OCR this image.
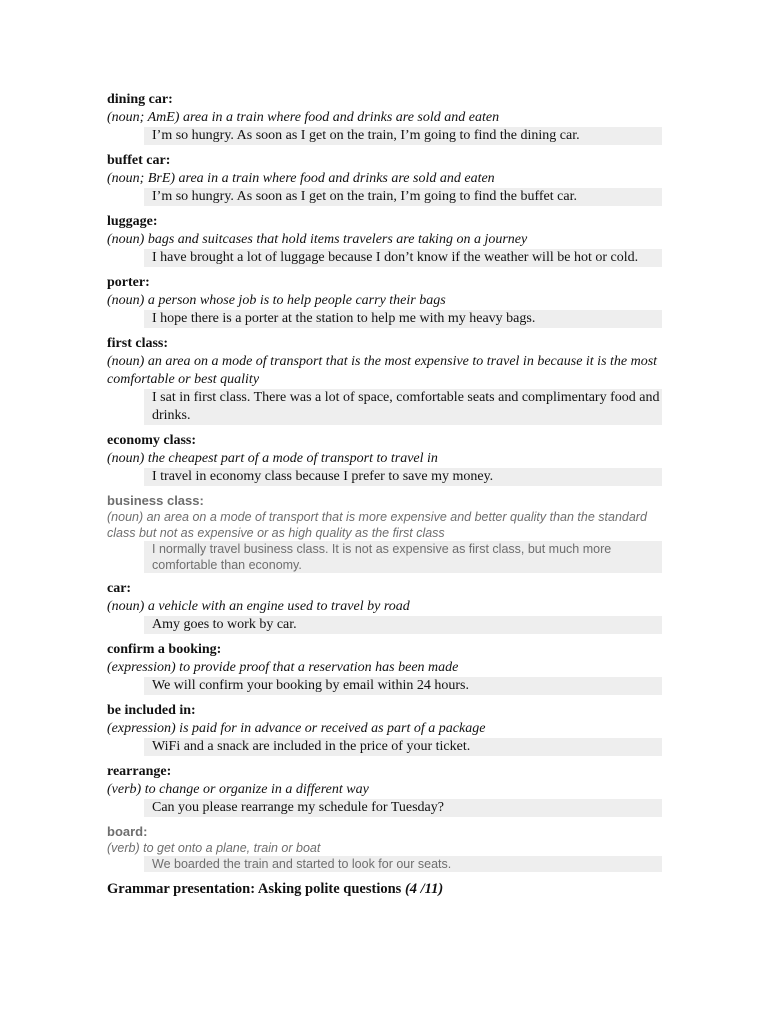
dining car:
(noun; AmE) area in a train where food and drinks are sold and eaten
I’m so hungry. As soon as I get on the train, I’m going to find the dining car.
buffet car:
(noun; BrE) area in a train where food and drinks are sold and eaten
I’m so hungry. As soon as I get on the train, I’m going to find the buffet car.
luggage:
(noun) bags and suitcases that hold items travelers are taking on a journey
I have brought a lot of luggage because I don’t know if the weather will be hot or cold.
porter:
(noun) a person whose job is to help people carry their bags
I hope there is a porter at the station to help me with my heavy bags.
first class:
(noun) an area on a mode of transport that is the most expensive to travel in because it is the most comfortable or best quality
I sat in first class. There was a lot of space, comfortable seats and complimentary food and drinks.
economy class:
(noun) the cheapest part of a mode of transport to travel in
I travel in economy class because I prefer to save my money.
business class:
(noun) an area on a mode of transport that is more expensive and better quality than the standard class but not as expensive or as high quality as the first class
I normally travel business class. It is not as expensive as first class, but much more comfortable than economy.
car:
(noun) a vehicle with an engine used to travel by road
Amy goes to work by car.
confirm a booking:
(expression) to provide proof that a reservation has been made
We will confirm your booking by email within 24 hours.
be included in:
(expression) is paid for in advance or received as part of a package
WiFi and a snack are included in the price of your ticket.
rearrange:
(verb) to change or organize in a different way
Can you please rearrange my schedule for Tuesday?
board:
(verb) to get onto a plane, train or boat
We boarded the train and started to look for our seats.
Grammar presentation: Asking polite questions (4 /11)
